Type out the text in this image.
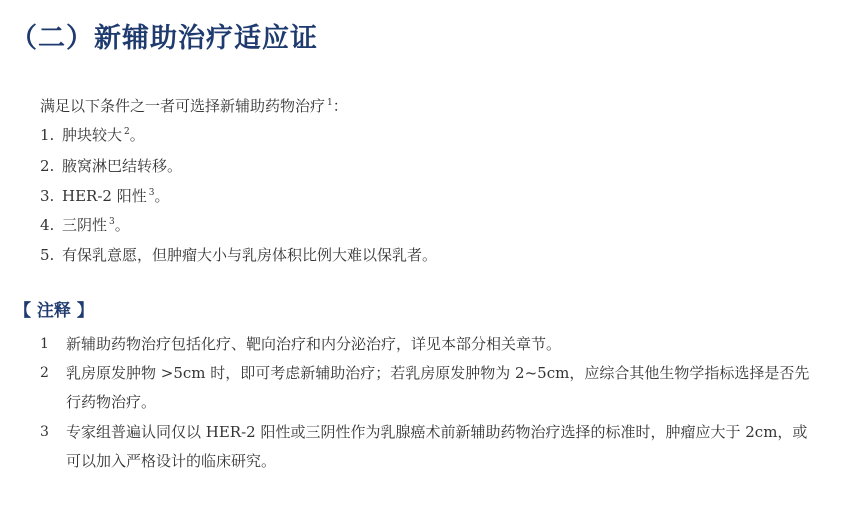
（二）新辅助治疗适应证
满足以下条件之一者可选择新辅助药物治疗 $^1$：
1. 肿块较大 $^2$。
2. 腋窝淋巴结转移。
3. HER-2 阳性 $^3$。
4. 三阴性 $^3$。
5. 有保乳意愿，但肿瘤大小与乳房体积比例大难以保乳者。
【 注释 】
1 新辅助药物治疗包括化疗、靶向治疗和内分泌治疗，详见本部分相关章节。
2 乳房原发肿物 >5cm 时，即可考虑新辅助治疗；若乳房原发肿物为 2~5cm，应综合其他生物学指标选择是否先行药物治疗。
3 专家组普遍认同仅以 HER-2 阳性或三阴性作为乳腺癌术前新辅助药物治疗选择的标准时，肿瘤应大于 2cm，或可以加入严格设计的临床研究。
